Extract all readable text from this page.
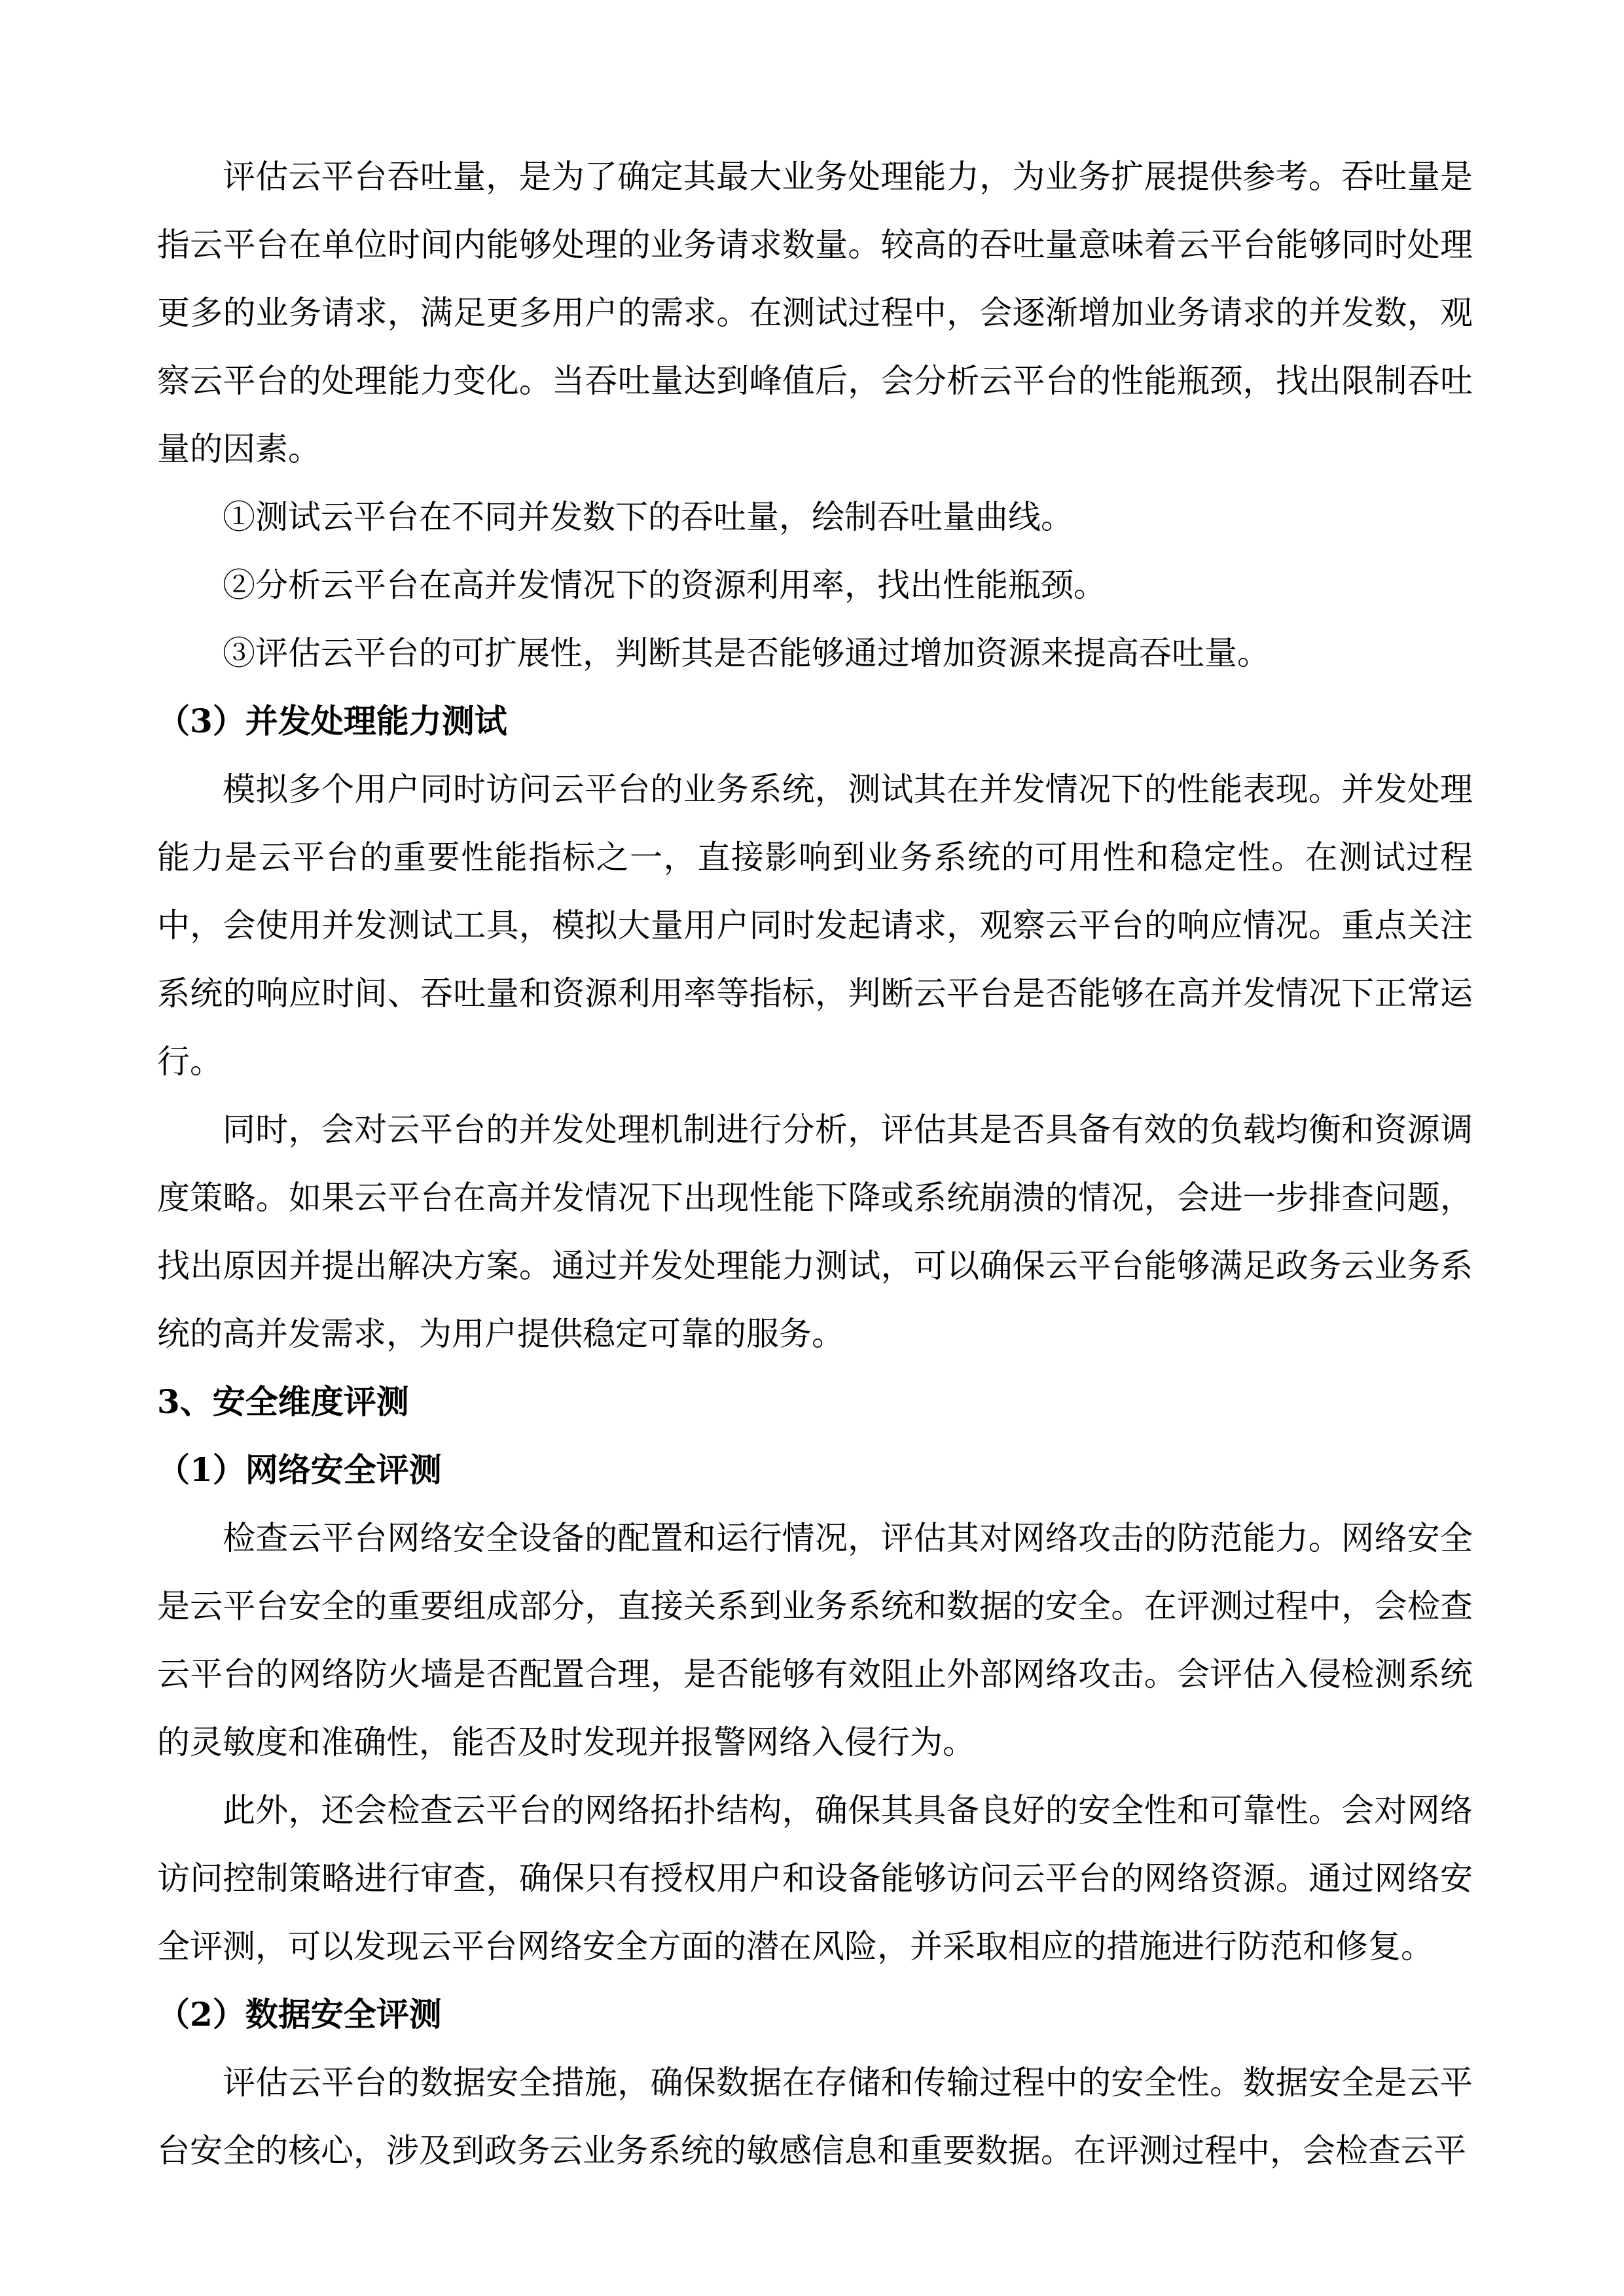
评估云平台吞吐量，是为了确定其最大业务处理能力，为业务扩展提供参考。吞吐量是指云平台在单位时间内能够处理的业务请求数量。较高的吞吐量意味着云平台能够同时处理更多的业务请求，满足更多用户的需求。在测试过程中，会逐渐增加业务请求的并发数，观察云平台的处理能力变化。当吞吐量达到峰值后，会分析云平台的性能瓶颈，找出限制吞吐量的因素。

①测试云平台在不同并发数下的吞吐量，绘制吞吐量曲线。

②分析云平台在高并发情况下的资源利用率，找出性能瓶颈。

③评估云平台的可扩展性，判断其是否能够通过增加资源来提高吞吐量。

（3）并发处理能力测试

模拟多个用户同时访问云平台的业务系统，测试其在并发情况下的性能表现。并发处理能力是云平台的重要性能指标之一，直接影响到业务系统的可用性和稳定性。在测试过程中，会使用并发测试工具，模拟大量用户同时发起请求，观察云平台的响应情况。重点关注系统的响应时间、吞吐量和资源利用率等指标，判断云平台是否能够在高并发情况下正常运行。

同时，会对云平台的并发处理机制进行分析，评估其是否具备有效的负载均衡和资源调度策略。如果云平台在高并发情况下出现性能下降或系统崩溃的情况，会进一步排查问题，找出原因并提出解决方案。通过并发处理能力测试，可以确保云平台能够满足政务云业务系统的高并发需求，为用户提供稳定可靠的服务。

3、安全维度评测
（1）网络安全评测

检查云平台网络安全设备的配置和运行情况，评估其对网络攻击的防范能力。网络安全是云平台安全的重要组成部分，直接关系到业务系统和数据的安全。在评测过程中，会检查云平台的网络防火墙是否配置合理，是否能够有效阻止外部网络攻击。会评估入侵检测系统的灵敏度和准确性，能否及时发现并报警网络入侵行为。

此外，还会检查云平台的网络拓扑结构，确保其具备良好的安全性和可靠性。会对网络访问控制策略进行审查，确保只有授权用户和设备能够访问云平台的网络资源。通过网络安全评测，可以发现云平台网络安全方面的潜在风险，并采取相应的措施进行防范和修复。

（2）数据安全评测

评估云平台的数据安全措施，确保数据在存储和传输过程中的安全性。数据安全是云平台安全的核心，涉及到政务云业务系统的敏感信息和重要数据。在评测过程中，会检查云平
